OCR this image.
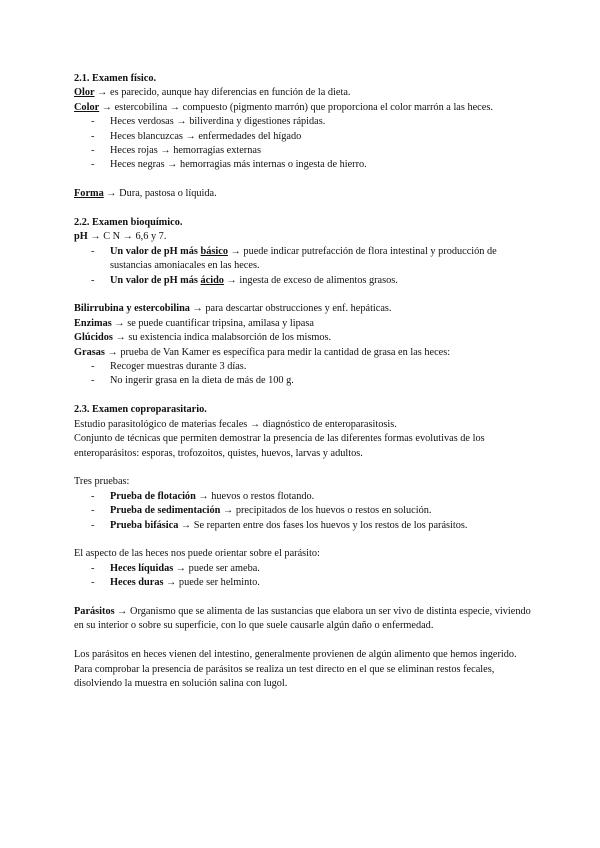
2.1. Examen físico.
Olor → es parecido, aunque hay diferencias en función de la dieta.
Color → estercobilina → compuesto (pigmento marrón) que proporciona el color marrón a las heces.
- Heces verdosas → biliverdina y digestiones rápidas.
- Heces blancuzcas → enfermedades del hígado
- Heces rojas → hemorragias externas
- Heces negras → hemorragias más internas o ingesta de hierro.
Forma → Dura, pastosa o líquida.
2.2. Examen bioquímico.
pH → C N → 6,6 y 7.
- Un valor de pH más básico → puede indicar putrefacción de flora intestinal y producción de sustancias amoniacales en las heces.
- Un valor de pH más ácido → ingesta de exceso de alimentos grasos.
Bilirrubina y estercobilina → para descartar obstrucciones y enf. hepáticas.
Enzimas → se puede cuantificar tripsina, amilasa y lipasa
Glúcidos → su existencia indica malabsorción de los mismos.
Grasas → prueba de Van Kamer es específica para medir la cantidad de grasa en las heces:
- Recoger muestras durante 3 días.
- No ingerir grasa en la dieta de más de 100 g.
2.3. Examen coproparasitario.
Estudio parasitológico de materias fecales → diagnóstico de enteroparasitosis.
Conjunto de técnicas que permiten demostrar la presencia de las diferentes formas evolutivas de los enteroparásitos: esporas, trofozoitos, quistes, huevos, larvas y adultos.
Tres pruebas:
- Prueba de flotación → huevos o restos flotando.
- Prueba de sedimentación → precipitados de los huevos o restos en solución.
- Prueba bifásica → Se reparten entre dos fases los huevos y los restos de los parásitos.
El aspecto de las heces nos puede orientar sobre el parásito:
- Heces líquidas → puede ser ameba.
- Heces duras → puede ser helminto.
Parásitos → Organismo que se alimenta de las sustancias que elabora un ser vivo de distinta especie, viviendo en su interior o sobre su superficie, con lo que suele causarle algún daño o enfermedad.
Los parásitos en heces vienen del intestino, generalmente provienen de algún alimento que hemos ingerido. Para comprobar la presencia de parásitos se realiza un test directo en el que se eliminan restos fecales, disolviendo la muestra en solución salina con lugol.
